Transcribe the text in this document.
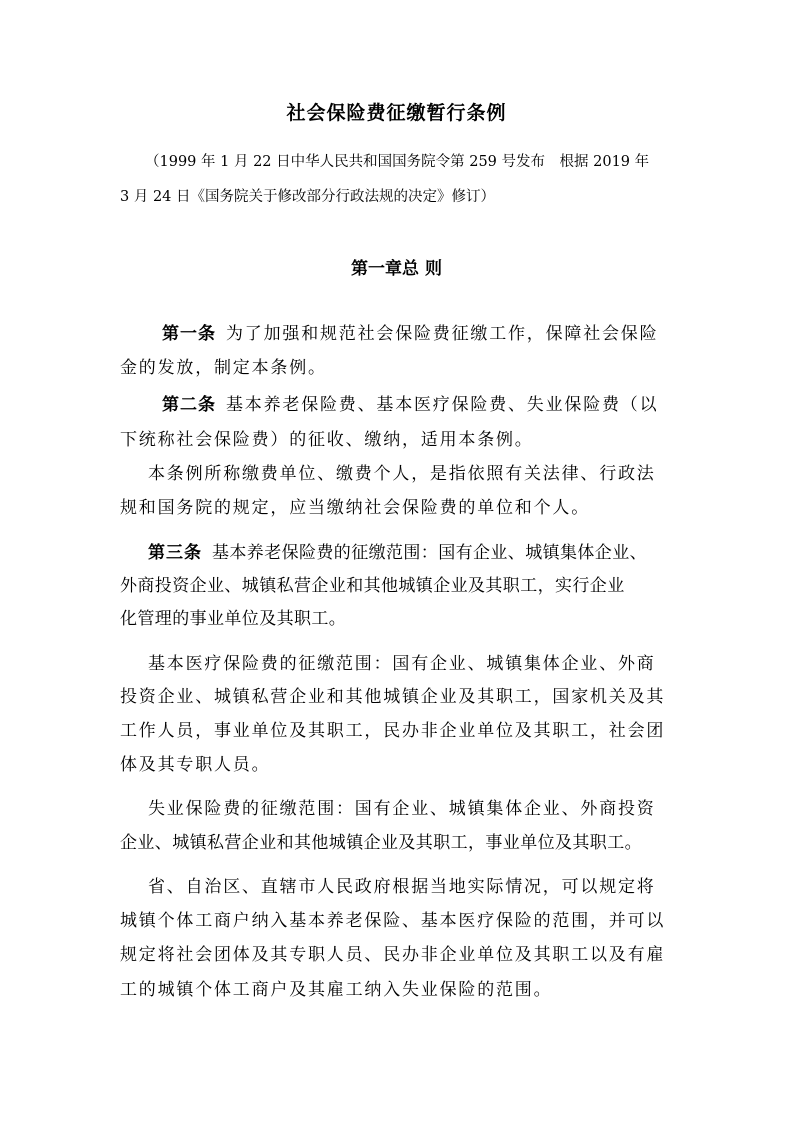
社会保险费征缴暂行条例
（1999 年 1 月 22 日中华人民共和国国务院令第 259 号发布　根据 2019 年
3 月 24 日《国务院关于修改部分行政法规的决定》修订）
第一章总 则
第一条 为了加强和规范社会保险费征缴工作，保障社会保险
金的发放，制定本条例。
第二条 基本养老保险费、基本医疗保险费、失业保险费（以
下统称社会保险费）的征收、缴纳，适用本条例。
本条例所称缴费单位、缴费个人，是指依照有关法律、行政法
规和国务院的规定，应当缴纳社会保险费的单位和个人。
第三条 基本养老保险费的征缴范围：国有企业、城镇集体企业、
外商投资企业、城镇私营企业和其他城镇企业及其职工，实行企业
化管理的事业单位及其职工。
基本医疗保险费的征缴范围：国有企业、城镇集体企业、外商
投资企业、城镇私营企业和其他城镇企业及其职工，国家机关及其
工作人员，事业单位及其职工，民办非企业单位及其职工，社会团
体及其专职人员。
失业保险费的征缴范围：国有企业、城镇集体企业、外商投资
企业、城镇私营企业和其他城镇企业及其职工，事业单位及其职工。
省、自治区、直辖市人民政府根据当地实际情况，可以规定将
城镇个体工商户纳入基本养老保险、基本医疗保险的范围，并可以
规定将社会团体及其专职人员、民办非企业单位及其职工以及有雇
工的城镇个体工商户及其雇工纳入失业保险的范围。
